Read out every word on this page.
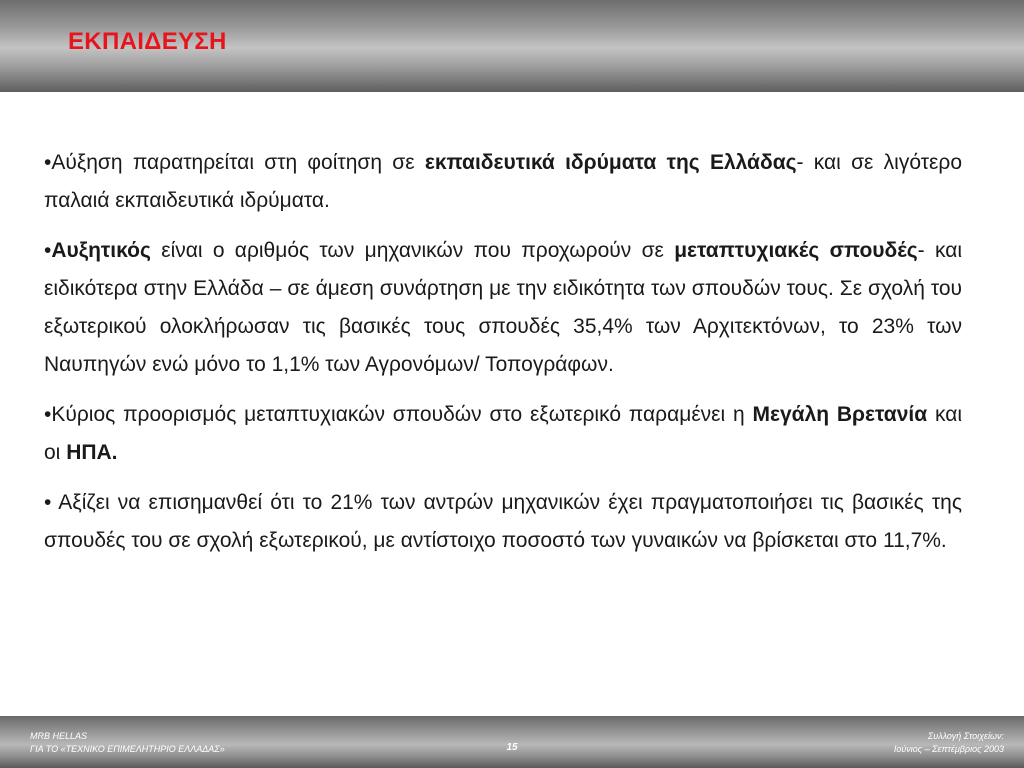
ΕΚΠΑΙΔΕΥΣΗ

•Αύξηση παρατηρείται στη φοίτηση σε εκπαιδευτικά ιδρύματα της Ελλάδας- και σε λιγότερο παλαιά εκπαιδευτικά ιδρύματα.

•Αυξητικός είναι ο αριθμός των μηχανικών που προχωρούν σε μεταπτυχιακές σπουδές- και ειδικότερα στην Ελλάδα – σε άμεση συνάρτηση με την ειδικότητα των σπουδών τους. Σε σχολή του εξωτερικού ολοκλήρωσαν τις βασικές τους σπουδές 35,4% των Αρχιτεκτόνων, το 23% των Ναυπηγών ενώ μόνο το 1,1% των Αγρονόμων/ Τοπογράφων.

•Κύριος προορισμός μεταπτυχιακών σπουδών στο εξωτερικό παραμένει η Μεγάλη Βρετανία και οι ΗΠΑ.

• Αξίζει να επισημανθεί ότι το 21% των αντρών μηχανικών έχει πραγματοποιήσει τις βασικές της σπουδές του σε σχολή εξωτερικού, με αντίστοιχο ποσοστό των γυναικών να βρίσκεται στο 11,7%.

MRB HELLAS
ΓΙΑ ΤΟ «ΤΕΧΝΙΚΟ ΕΠΙΜΕΛΗΤΗΡΙΟ ΕΛΛΑΔΑΣ»	15
Συλλογή Στοιχείων:
Ιούνιος – Σεπτέμβριος 2003
